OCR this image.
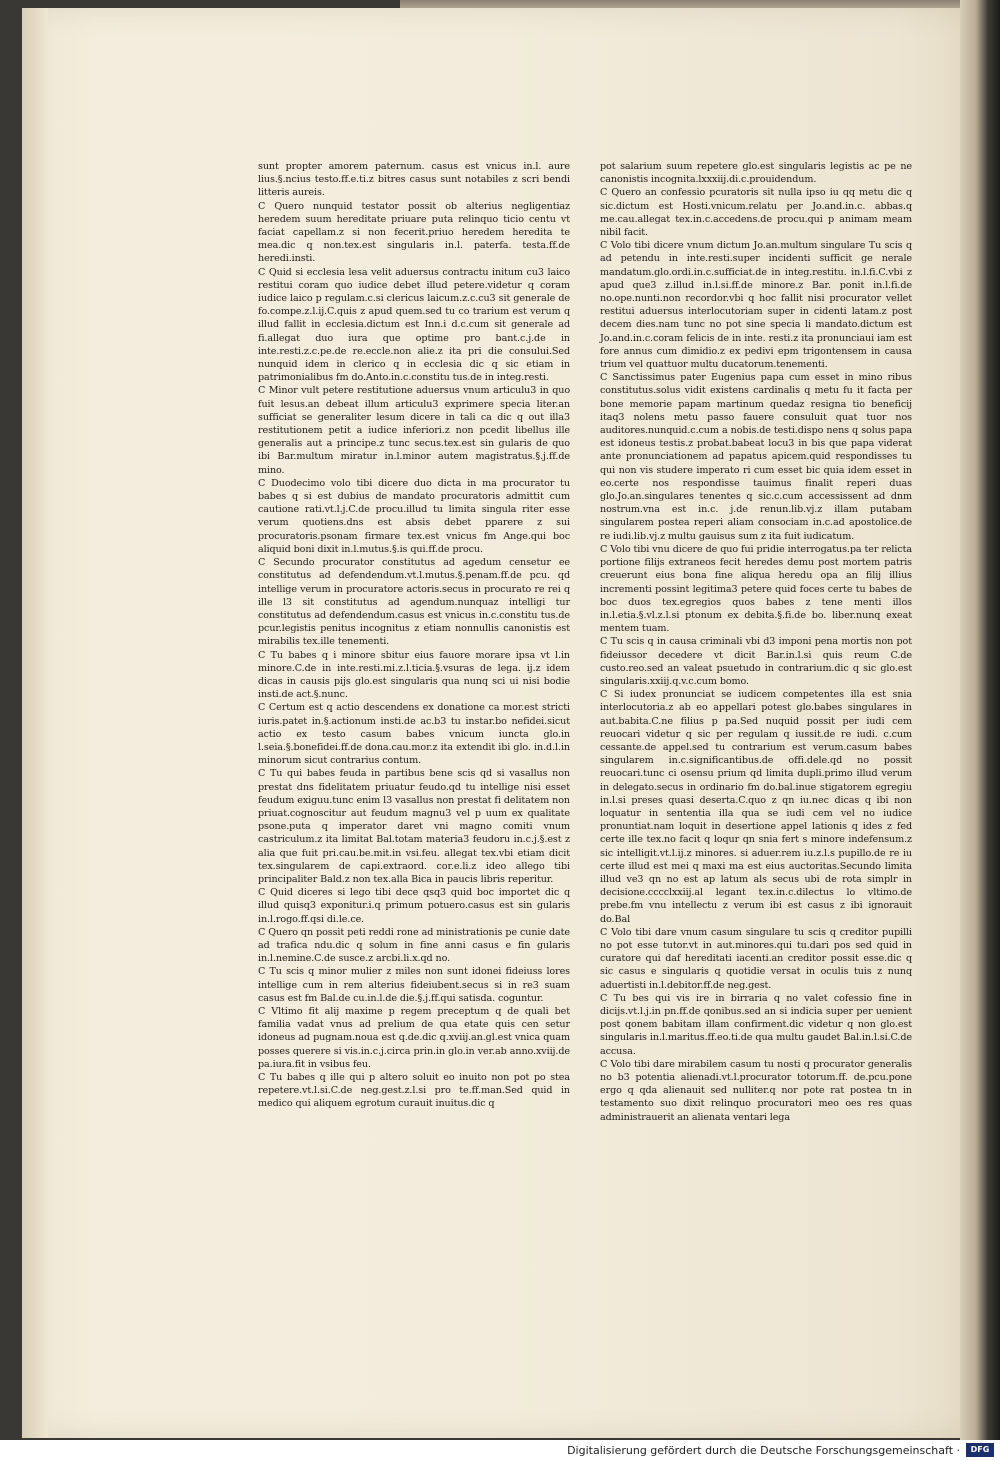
sunt propter amorem paternum. casus est vnicus in.l. aure lius.§.ncius testo.ff.e.ti.z bitres casus sunt notabiles z scri bendi litteris aureis.

C Quero nunquid testator possit ob alterius negligentiaz heredem suum hereditate priuare puta relinquo ticio centu vt faciat capellam.z si non fecerit.priuo heredem heredita te mea.dic q non.tex.est singularis in.l. paterfa. testa.ff.de heredi.insti.

C Quid si ecclesia lesa velit aduersus contractu initum cu3 laico restitui coram quo iudice debet illud petere.videtur q coram iudice laico p regulam.c.si clericus laicum.z.c.cu3 sit generale de fo.compe.z.l.ij.C.quis z apud quem.sed tu co trarium est verum q illud fallit in ecclesia.dictum est Inn.i d.c.cum sit generale ad fi.allegat duo iura que optime pro bant.c.j.de in inte.resti.z.c.pe.de re.eccle.non alie.z ita pri die consului.Sed nunquid idem in clerico q in ecclesia dic q sic etiam in patrimonialibus fm do.Anto.in.c.constitu tus.de in integ.resti.

C Minor vult petere restitutione aduersus vnum articulu3 in quo fuit lesus.an debeat illum articulu3 exprimere specia liter.an sufficiat se generaliter lesum dicere in tali ca dic q out illa3 restitutionem petit a iudice inferiori.z non pcedit libellus ille generalis aut a principe.z tunc secus.tex.est sin gularis de quo ibi Bar.multum miratur in.l.minor autem magistratus.§.j.ff.de mino.

C Duodecimo volo tibi dicere duo dicta in ma procurator tu babes q si est dubius de mandato procuratoris admittit cum cautione rati.vt.l.j.C.de procu.illud tu limita singula riter esse verum quotiens.dns est absis debet pparere z sui procuratoris.psonam firmare tex.est vnicus fm Ange.qui boc aliquid boni dixit in.l.mutus.§.is qui.ff.de procu.

C Secundo procurator constitutus ad agedum censetur ee constitutus ad defendendum.vt.l.mutus.§.penam.ff.de pcu. qd intellige verum in procuratore actoris.secus in procurato re rei q ille l3 sit constitutus ad agendum.nunquaz intelligi tur constitutus ad defendendum.casus est vnicus in.c.constitu tus.de pcur.legistis penitus incognitus z etiam nonnullis canonistis est mirabilis tex.ille tenementi.

C Tu babes q i minore sbitur eius fauore morare ipsa vt l.in minore.C.de in inte.resti.mi.z.l.ticia.§.vsuras de lega. ij.z idem dicas in causis pijs glo.est singularis qua nunq sci ui nisi bodie insti.de act.§.nunc.

C Certum est q actio descendens ex donatione ca mor.est stricti iuris.patet in.§.actionum insti.de ac.b3 tu instar.bo nefidei.sicut actio ex testo casum babes vnicum iuncta glo.in l.seia.§.bonefidei.ff.de dona.cau.mor.z ita extendit ibi glo. in.d.l.in minorum sicut contrarius contum.

C Tu qui babes feuda in partibus bene scis qd si vasallus non prestat dns fidelitatem priuatur feudo.qd tu intellige nisi esset feudum exiguu.tunc enim l3 vasallus non prestat fi delitatem non priuat.cognoscitur aut feudum magnu3 vel p uum ex qualitate psone.puta q imperator daret vni magno comiti vnum castriculum.z ita limitat Bal.totam materia3 feudoru in.c.j.§.est z alia que fuit pri.cau.be.mit.in vsi.feu. allegat tex.vbi etiam dicit tex.singularem de capi.extraord. cor.e.li.z ideo allego tibi principaliter Bald.z non tex.alla Bica in paucis libris reperitur.

C Quid diceres si lego tibi dece qsq3 quid boc importet dic q illud quisq3 exponitur.i.q primum potuero.casus est sin gularis in.l.rogo.ff.qsi di.le.ce.

C Quero qn possit peti reddi rone ad ministrationis pe cunie date ad trafica ndu.dic q solum in fine anni casus e fin gularis in.l.nemine.C.de susce.z arcbi.li.x.qd no.

C Tu scis q minor mulier z miles non sunt idonei fideiuss lores intellige cum in rem alterius fideiubent.secus si in re3 suam casus est fm Bal.de cu.in.l.de die.§.j.ff.qui satisda. coguntur.

C Vltimo fit alij maxime p regem preceptum q de quali bet familia vadat vnus ad prelium de qua etate quis cen setur idoneus ad pugnam.noua est q.de.dic q.xviij.an.gl.est vnica quam posses querere si vis.in.c.j.circa prin.in glo.in ver.ab anno.xviij.de pa.iura.fit in vsibus feu.

C Tu babes q ille qui p altero soluit eo inuito non pot po stea repetere.vt.l.si.C.de neg.gest.z.l.si pro te.ff.man.Sed quid in medico qui aliquem egrotum curauit inuitus.dic q

pot salarium suum repetere glo.est singularis legistis ac pe ne canonistis incognita.lxxxiij.di.c.prouidendum.

C Quero an confessio pcuratoris sit nulla ipso iu qq metu dic q sic.dictum est Hosti.vnicum.relatu per Jo.and.in.c. abbas.q me.cau.allegat tex.in.c.accedens.de procu.qui p animam meam nibil facit.

C Volo tibi dicere vnum dictum Jo.an.multum singulare Tu scis q ad petendu in inte.resti.super incidenti sufficit ge nerale mandatum.glo.ordi.in.c.sufficiat.de in integ.restitu. in.l.fi.C.vbi z apud que3 z.illud in.l.si.ff.de minore.z Bar. ponit in.l.fi.de no.ope.nunti.non recordor.vbi q hoc fallit nisi procurator vellet restitui aduersus interlocutoriam super in cidenti latam.z post decem dies.nam tunc no pot sine specia li mandato.dictum est Jo.and.in.c.coram felicis de in inte. resti.z ita pronunciaui iam est fore annus cum dimidio.z ex pedivi epm trigontensem in causa trium vel quattuor multu ducatorum.tenementi.

C Sanctissimus pater Eugenius papa cum esset in mino ribus constitutus.solus vidit existens cardinalis q metu fu it facta per bone memorie papam martinum quedaz resigna tio beneficij itaq3 nolens metu passo fauere consuluit quat tuor nos auditores.nunquid.c.cum a nobis.de testi.dispo nens q solus papa est idoneus testis.z probat.babeat locu3 in bis que papa viderat ante pronunciationem ad papatus apicem.quid respondisses tu qui non vis studere imperato ri cum esset bic quia idem esset in eo.certe nos respondisse tauimus finalit reperi duas glo.Jo.an.singulares tenentes q sic.c.cum accessissent ad dnm nostrum.vna est in.c. j.de renun.lib.vj.z illam putabam singularem postea reperi aliam consociam in.c.ad apostolice.de re iudi.lib.vj.z multu gauisus sum z ita fuit iudicatum.

C Volo tibi vnu dicere de quo fui pridie interrogatus.pa ter relicta portione filijs extraneos fecit heredes demu post mortem patris creuerunt eius bona fine aliqua heredu opa an filij illius incrementi possint legitima3 petere quid foces certe tu babes de boc duos tex.egregios quos babes z tene menti illos in.l.etia.§.vl.z.l.si ptonum ex debita.§.fi.de bo. liber.nunq exeat mentem tuam.

C Tu scis q in causa criminali vbi d3 imponi pena mortis non pot fideiussor decedere vt dicit Bar.in.l.si quis reum C.de custo.reo.sed an valeat psuetudo in contrarium.dic q sic glo.est singularis.xxiij.q.v.c.cum bomo.

C Si iudex pronunciat se iudicem competentes illa est snia interlocutoria.z ab eo appellari potest glo.babes singulares in aut.babita.C.ne filius p pa.Sed nuquid possit per iudi cem reuocari videtur q sic per regulam q iussit.de re iudi. c.cum cessante.de appel.sed tu contrarium est verum.casum babes singularem in.c.significantibus.de offi.dele.qd no possit reuocari.tunc ci osensu prium qd limita dupli.primo illud verum in delegato.secus in ordinario fm do.bal.inue stigatorem egregiu in.l.si preses quasi deserta.C.quo z qn iu.nec dicas q ibi non loquatur in sententia illa qua se iudi cem vel no iudice pronuntiat.nam loquit in desertione appel lationis q ides z fed certe ille tex.no facit q loqur qn snia fert s minore indefensum.z sic intelligit.vt.l.ij.z minores. si aduer.rem iu.z.l.s pupillo.de re iu certe illud est mei q maxi ma est eius auctoritas.Secundo limita illud ve3 qn no est ap latum als secus ubi de rota simplr in decisione.cccclxxiij.al legant tex.in.c.dilectus lo vltimo.de prebe.fm vnu intellectu z verum ibi est casus z ibi ignorauit do.Bal

C Volo tibi dare vnum casum singulare tu scis q creditor pupilli no pot esse tutor.vt in aut.minores.qui tu.dari pos sed quid in curatore qui daf hereditati iacenti.an creditor possit esse.dic q sic casus e singularis q quotidie versat in oculis tuis z nunq aduertisti in.l.debitor.ff.de neg.gest.

C Tu bes qui vis ire in birraria q no valet cofessio fine in dicijs.vt.l.j.in pn.ff.de qonibus.sed an si indicia super per uenient post qonem babitam illam confirment.dic videtur q non glo.est singularis in.l.maritus.ff.eo.ti.de qua multu gaudet Bal.in.l.si.C.de accusa.

C Volo tibi dare mirabilem casum tu nosti q procurator generalis no b3 potentia alienadi.vt.l.procurator totorum.ff. de.pcu.pone ergo q qda alienauit sed nulliter.q nor pote rat postea tn in testamento suo dixit relinquo procuratori meo oes res quas administrauerit an alienata ventari lega

Digitalisierung gefördert durch die Deutsche Forschungsgemeinschaft ·	DFG
